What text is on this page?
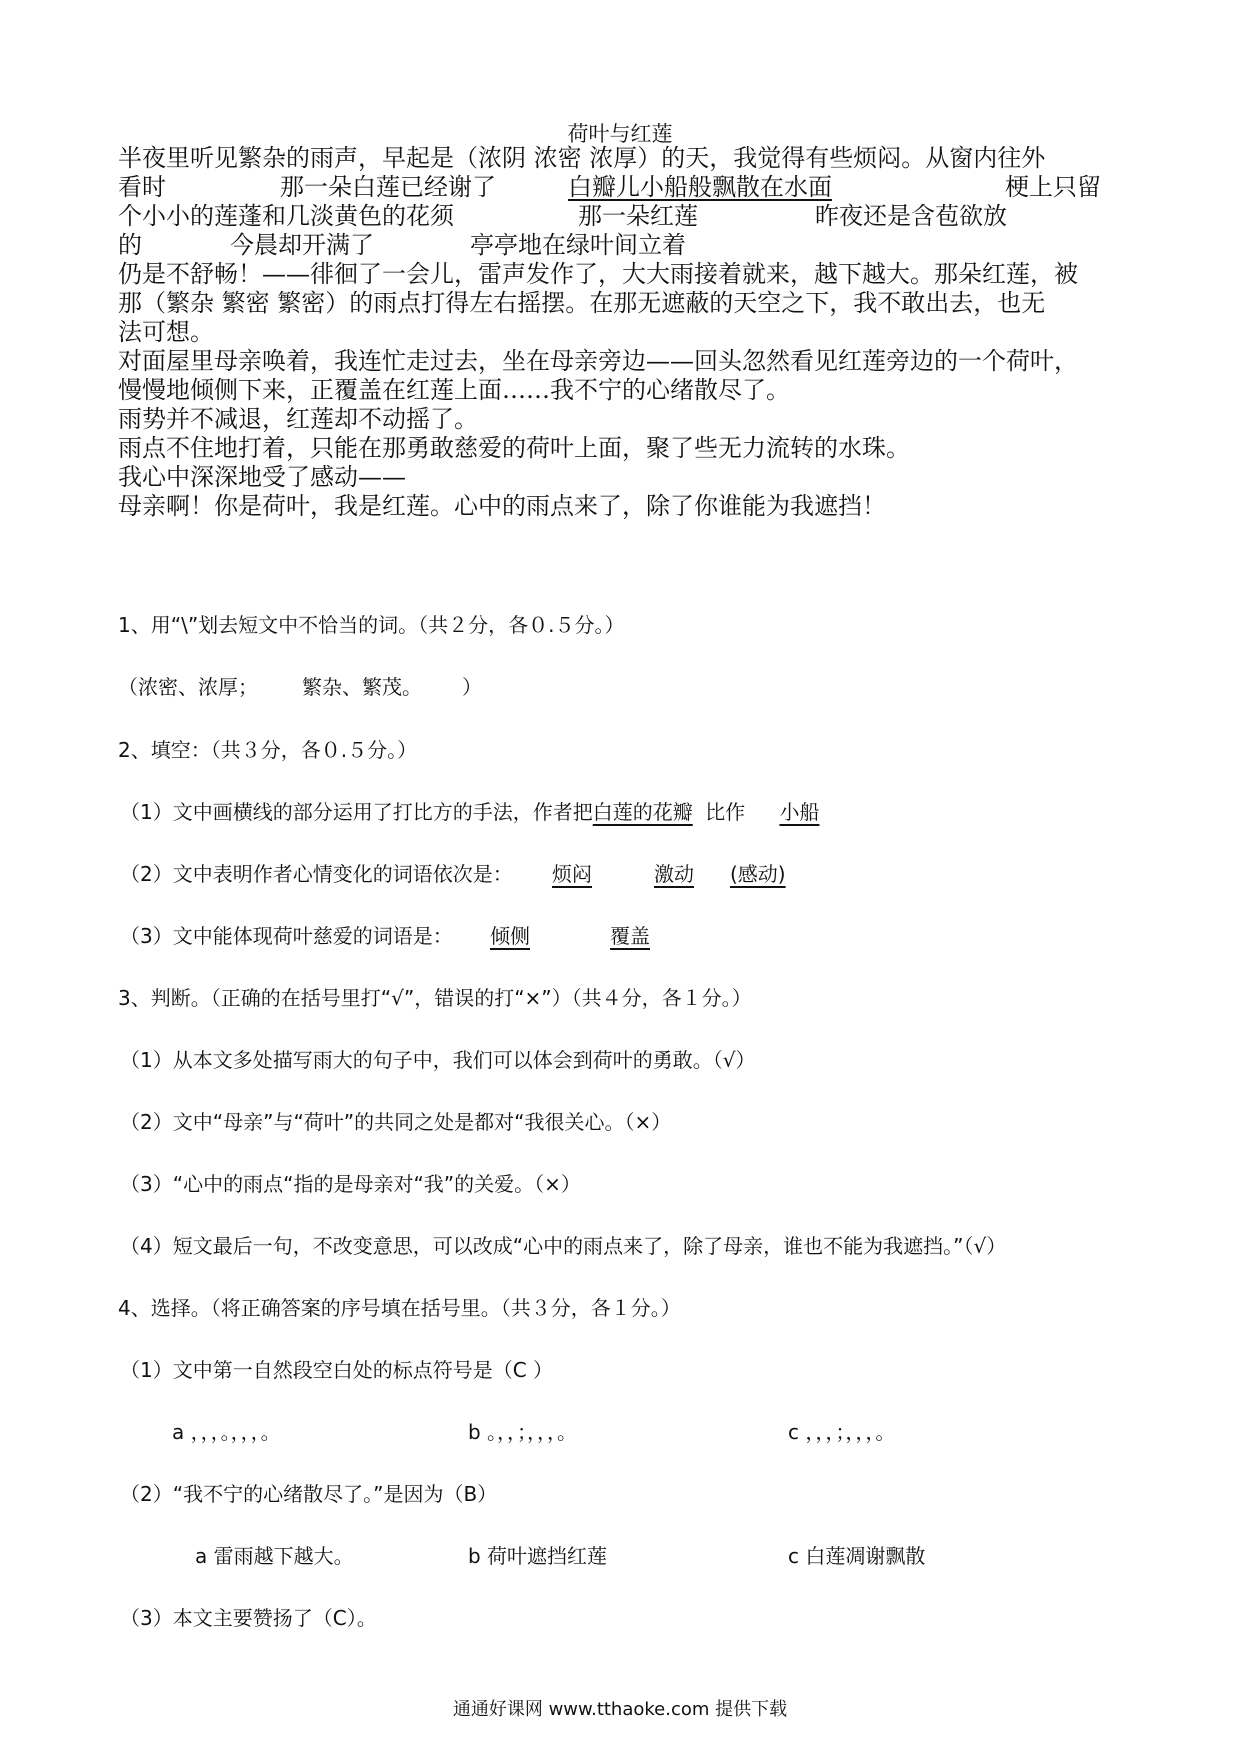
荷叶与红莲
半夜里听见繁杂的雨声，早起是（浓阴 浓密 浓厚）的天，我觉得有些烦闷。从窗内往外
看时	那一朵白莲已经谢了	白瓣儿小船般飘散在水面	梗上只留
个小小的莲蓬和几淡黄色的花须	那一朵红莲	昨夜还是含苞欲放
的	今晨却开满了	亭亭地在绿叶间立着
仍是不舒畅！——徘徊了一会儿，雷声发作了，大大雨接着就来，越下越大。那朵红莲，被
那（繁杂 繁密 繁密）的雨点打得左右摇摆。在那无遮蔽的天空之下，我不敢出去，也无
法可想。
对面屋里母亲唤着，我连忙走过去，坐在母亲旁边——回头忽然看见红莲旁边的一个荷叶，
慢慢地倾侧下来，正覆盖在红莲上面……我不宁的心绪散尽了。
雨势并不减退，红莲却不动摇了。
雨点不住地打着，只能在那勇敢慈爱的荷叶上面，聚了些无力流转的水珠。
我心中深深地受了感动——
母亲啊！你是荷叶，我是红莲。心中的雨点来了，除了你谁能为我遮挡！
1、用“\”划去短文中不恰当的词。（共２分，各０.５分。）
（浓密、浓厚； 繁杂、繁茂。 ）
2、填空：（共３分，各０.５分。）
（1）文中画横线的部分运用了打比方的手法，作者把白莲的花瓣 比作 小船
（2）文中表明作者心情变化的词语依次是： 烦闷	激动 (感动)
（3）文中能体现荷叶慈爱的词语是： 倾侧	覆盖
3、判断。（正确的在括号里打“√”，错误的打“×”）（共４分，各１分。）
（1）从本文多处描写雨大的句子中，我们可以体会到荷叶的勇敢。（√）
（2）文中“母亲”与“荷叶”的共同之处是都对“我很关心。（×）
（3）“心中的雨点“指的是母亲对“我”的关爱。（×）
（4）短文最后一句，不改变意思，可以改成“心中的雨点来了，除了母亲，谁也不能为我遮挡。”（√）
4、选择。（将正确答案的序号填在括号里。（共３分，各１分。）
（1）文中第一自然段空白处的标点符号是（C ）
a ，，，。，，，。	b 。，，；，，，。	c ，，，；，，，。
（2）“我不宁的心绪散尽了。”是因为（B）
a 雷雨越下越大。	b 荷叶遮挡红莲	c 白莲凋谢飘散
（3）本文主要赞扬了（C）。
通通好课网 www.tthaoke.com 提供下载
